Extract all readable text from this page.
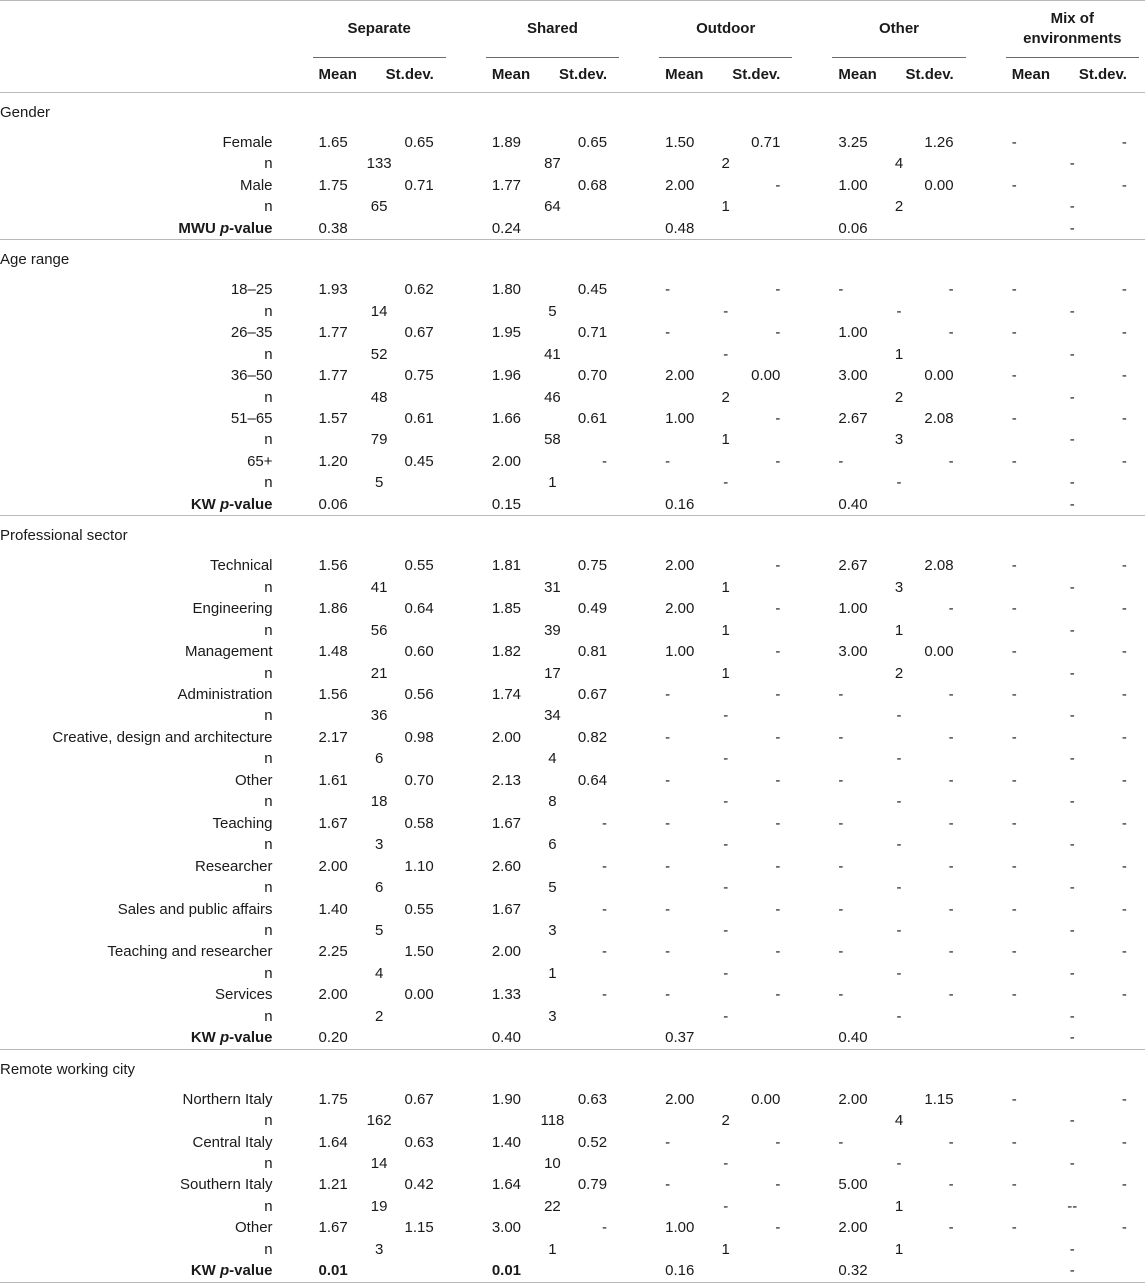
	Separate			Shared			Outdoor			Other			Mix of environments		
	Mean	St.dev.		Mean	St.dev.		Mean	St.dev.		Mean	St.dev.		Mean	St.dev.	
Gender															
Female	1.65	0.65		1.89	0.65		1.50	0.71		3.25	1.26		-	-	
n	133			87			2			4			-		
Male	1.75	0.71		1.77	0.68		2.00	-		1.00	0.00		-	-	
n	65			64			1			2			-		
MWU p-value	0.38			0.24			0.48			0.06			-		
Age range															
18–25	1.93	0.62		1.80	0.45		-	-		-	-		-	-	
n	14			5			-			-			-		
26–35	1.77	0.67		1.95	0.71		-	-		1.00	-		-	-	
n	52			41			-			1			-		
36–50	1.77	0.75		1.96	0.70		2.00	0.00		3.00	0.00		-	-	
n	48			46			2			2			-		
51–65	1.57	0.61		1.66	0.61		1.00	-		2.67	2.08		-	-	
n	79			58			1			3			-		
65+	1.20	0.45		2.00	-		-	-		-	-		-	-	
n	5			1			-			-			-		
KW p-value	0.06			0.15			0.16			0.40			-		
Professional sector															
Technical	1.56	0.55		1.81	0.75		2.00	-		2.67	2.08		-	-	
n	41			31			1			3			-		
Engineering	1.86	0.64		1.85	0.49		2.00	-		1.00	-		-	-	
n	56			39			1			1			-		
Management	1.48	0.60		1.82	0.81		1.00	-		3.00	0.00		-	-	
n	21			17			1			2			-		
Administration	1.56	0.56		1.74	0.67		-	-		-	-		-	-	
n	36			34			-			-			-		
Creative, design and architecture	2.17	0.98		2.00	0.82		-	-		-	-		-	-	
n	6			4			-			-			-		
Other	1.61	0.70		2.13	0.64		-	-		-	-		-	-	
n	18			8			-			-			-		
Teaching	1.67	0.58		1.67	-		-	-		-	-		-	-	
n	3			6			-			-			-		
Researcher	2.00	1.10		2.60	-		-	-		-	-		-	-	
n	6			5			-			-			-		
Sales and public affairs	1.40	0.55		1.67	-		-	-		-	-		-	-	
n	5			3			-			-			-		
Teaching and researcher	2.25	1.50		2.00	-		-	-		-	-		-	-	
n	4			1			-			-			-		
Services	2.00	0.00		1.33	-		-	-		-	-		-	-	
n	2			3			-			-			-		
KW p-value	0.20			0.40			0.37			0.40			-		
Remote working city															
Northern Italy	1.75	0.67		1.90	0.63		2.00	0.00		2.00	1.15		-	-	
n	162			118			2			4			-		
Central Italy	1.64	0.63		1.40	0.52		-	-		-	-		-	-	
n	14			10			-			-			-		
Southern Italy	1.21	0.42		1.64	0.79		-	-		5.00	-		-	-	
n	19			22			-			1			--		
Other	1.67	1.15		3.00	-		1.00	-		2.00	-		-	-	
n	3			1			1			1			-		
KW p-value	0.01			0.01			0.16			0.32			-		
